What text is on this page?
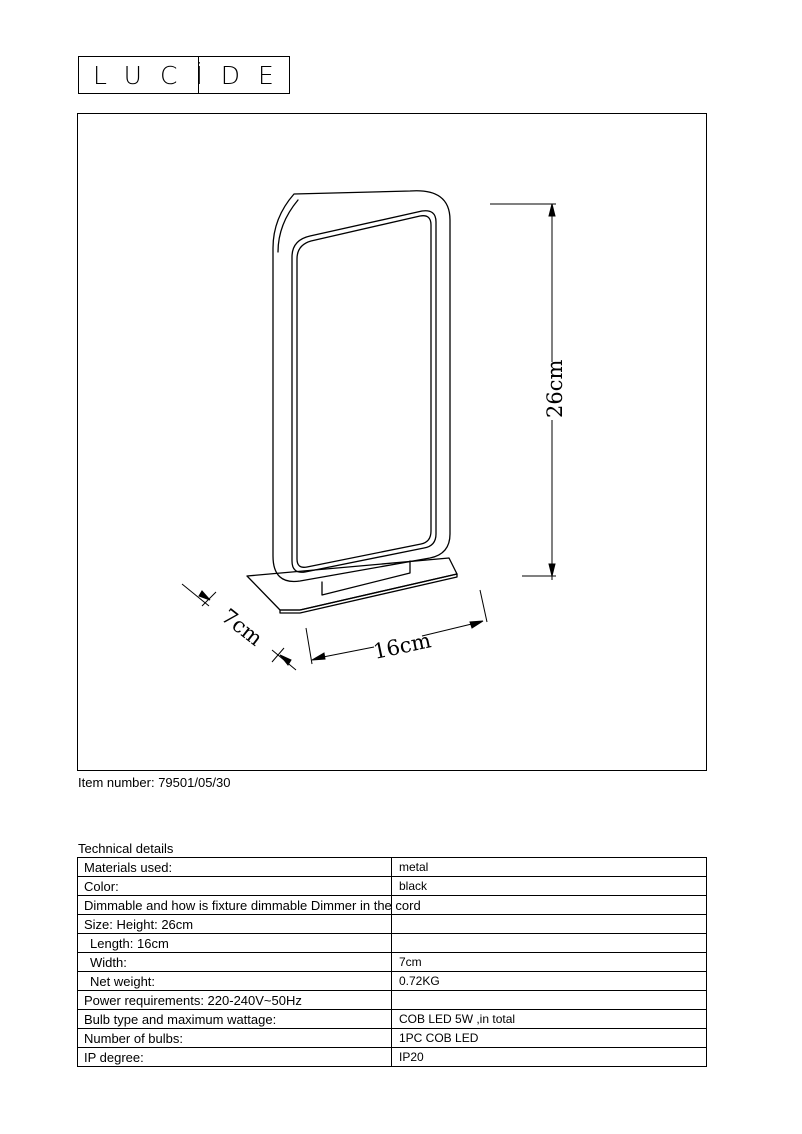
LUCİDE
26cm
16cm
7cm
Item number: 79501/05/30
Technical details
Materials used:	metal
Color:	black
Dimmable and how is fixture dimmable Dimmer in the cord	
Size: Height: 26cm	
Length: 16cm	
Width:	7cm
Net weight:	0.72KG
Power requirements: 220-240V~50Hz	
Bulb type and maximum wattage:	COB LED 5W ,in total
Number of bulbs:	1PC COB LED
IP degree:	IP20
